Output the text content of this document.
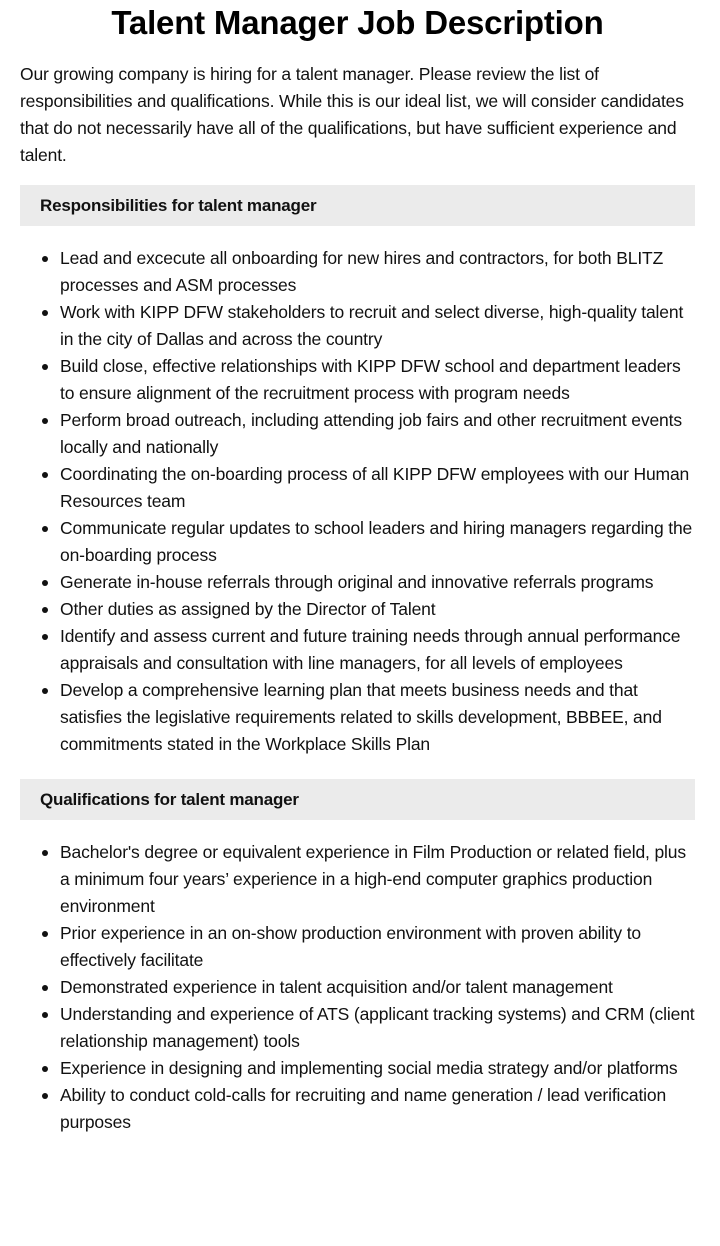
Talent Manager Job Description

Our growing company is hiring for a talent manager. Please review the list of responsibilities and qualifications. While this is our ideal list, we will consider candidates that do not necessarily have all of the qualifications, but have sufficient experience and talent.

Responsibilities for talent manager
Lead and excecute all onboarding for new hires and contractors, for both BLITZ processes and ASM processes
Work with KIPP DFW stakeholders to recruit and select diverse, high-quality talent in the city of Dallas and across the country
Build close, effective relationships with KIPP DFW school and department leaders to ensure alignment of the recruitment process with program needs
Perform broad outreach, including attending job fairs and other recruitment events locally and nationally
Coordinating the on-boarding process of all KIPP DFW employees with our Human Resources team
Communicate regular updates to school leaders and hiring managers regarding the on-boarding process
Generate in-house referrals through original and innovative referrals programs
Other duties as assigned by the Director of Talent
Identify and assess current and future training needs through annual performance appraisals and consultation with line managers, for all levels of employees
Develop a comprehensive learning plan that meets business needs and that satisfies the legislative requirements related to skills development, BBBEE, and commitments stated in the Workplace Skills Plan
Qualifications for talent manager
Bachelor's degree or equivalent experience in Film Production or related field, plus a minimum four years’ experience in a high-end computer graphics production environment
Prior experience in an on-show production environment with proven ability to effectively facilitate
Demonstrated experience in talent acquisition and/or talent management
Understanding and experience of ATS (applicant tracking systems) and CRM (client relationship management) tools
Experience in designing and implementing social media strategy and/or platforms
Ability to conduct cold-calls for recruiting and name generation / lead verification purposes
